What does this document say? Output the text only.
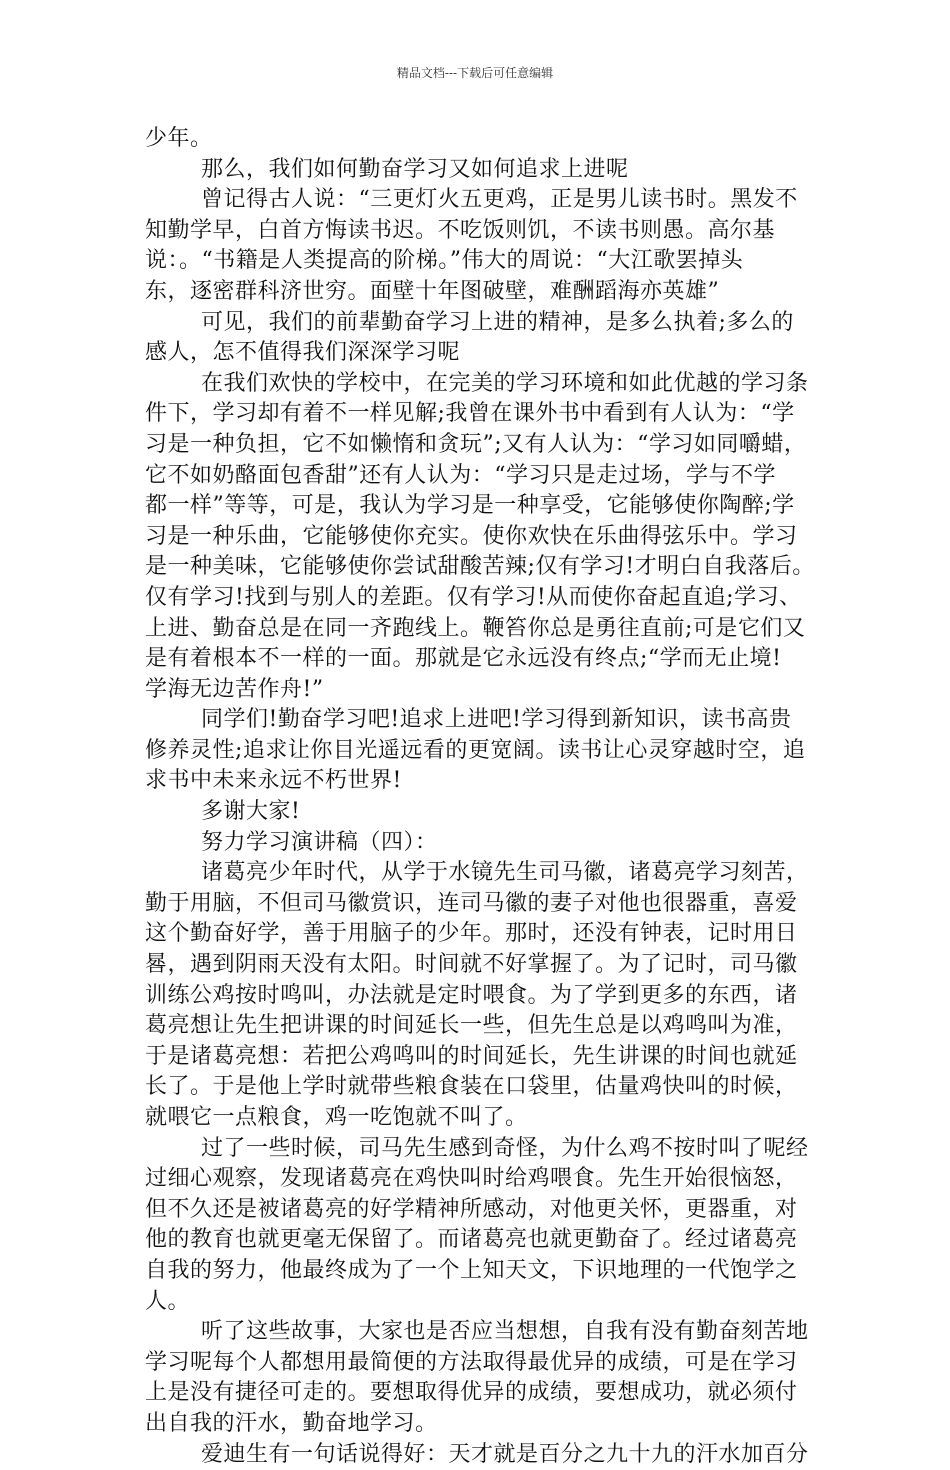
精品文档---下载后可任意编辑
少年。
那么，我们如何勤奋学习又如何追求上进呢
曾记得古人说：“三更灯火五更鸡，正是男儿读书时。黑发不
知勤学早，白首方悔读书迟。不吃饭则饥，不读书则愚。高尔基
说：。“书籍是人类提高的阶梯。”伟大的周说：“大江歌罢掉头
东，逐密群科济世穷。面壁十年图破壁，难酬蹈海亦英雄”
可见，我们的前辈勤奋学习上进的精神，是多么执着;多么的
感人，怎不值得我们深深学习呢
在我们欢快的学校中，在完美的学习环境和如此优越的学习条
件下，学习却有着不一样见解;我曾在课外书中看到有人认为：“学
习是一种负担，它不如懒惰和贪玩”;又有人认为：“学习如同嚼蜡，
它不如奶酪面包香甜”还有人认为：“学习只是走过场，学与不学
都一样”等等，可是，我认为学习是一种享受，它能够使你陶醉;学
习是一种乐曲，它能够使你充实。使你欢快在乐曲得弦乐中。学习
是一种美味，它能够使你尝试甜酸苦辣;仅有学习!才明白自我落后。
仅有学习!找到与别人的差距。仅有学习!从而使你奋起直追;学习、
上进、勤奋总是在同一齐跑线上。鞭笞你总是勇往直前;可是它们又
是有着根本不一样的一面。那就是它永远没有终点;“学而无止境!
学海无边苦作舟!”
同学们!勤奋学习吧!追求上进吧!学习得到新知识，读书高贵
修养灵性;追求让你目光遥远看的更宽阔。读书让心灵穿越时空，追
求书中未来永远不朽世界!
多谢大家!
努力学习演讲稿（四）：
诸葛亮少年时代，从学于水镜先生司马徽，诸葛亮学习刻苦，
勤于用脑，不但司马徽赏识，连司马徽的妻子对他也很器重，喜爱
这个勤奋好学，善于用脑子的少年。那时，还没有钟表，记时用日
晷，遇到阴雨天没有太阳。时间就不好掌握了。为了记时，司马徽
训练公鸡按时鸣叫，办法就是定时喂食。为了学到更多的东西，诸
葛亮想让先生把讲课的时间延长一些，但先生总是以鸡鸣叫为准，
于是诸葛亮想：若把公鸡鸣叫的时间延长，先生讲课的时间也就延
长了。于是他上学时就带些粮食装在口袋里，估量鸡快叫的时候，
就喂它一点粮食，鸡一吃饱就不叫了。
过了一些时候，司马先生感到奇怪，为什么鸡不按时叫了呢经
过细心观察，发现诸葛亮在鸡快叫时给鸡喂食。先生开始很恼怒，
但不久还是被诸葛亮的好学精神所感动，对他更关怀，更器重，对
他的教育也就更毫无保留了。而诸葛亮也就更勤奋了。经过诸葛亮
自我的努力，他最终成为了一个上知天文，下识地理的一代饱学之
人。
听了这些故事，大家也是否应当想想，自我有没有勤奋刻苦地
学习呢每个人都想用最简便的方法取得最优异的成绩，可是在学习
上是没有捷径可走的。要想取得优异的成绩，要想成功，就必须付
出自我的汗水，勤奋地学习。
爱迪生有一句话说得好：天才就是百分之九十九的汗水加百分
